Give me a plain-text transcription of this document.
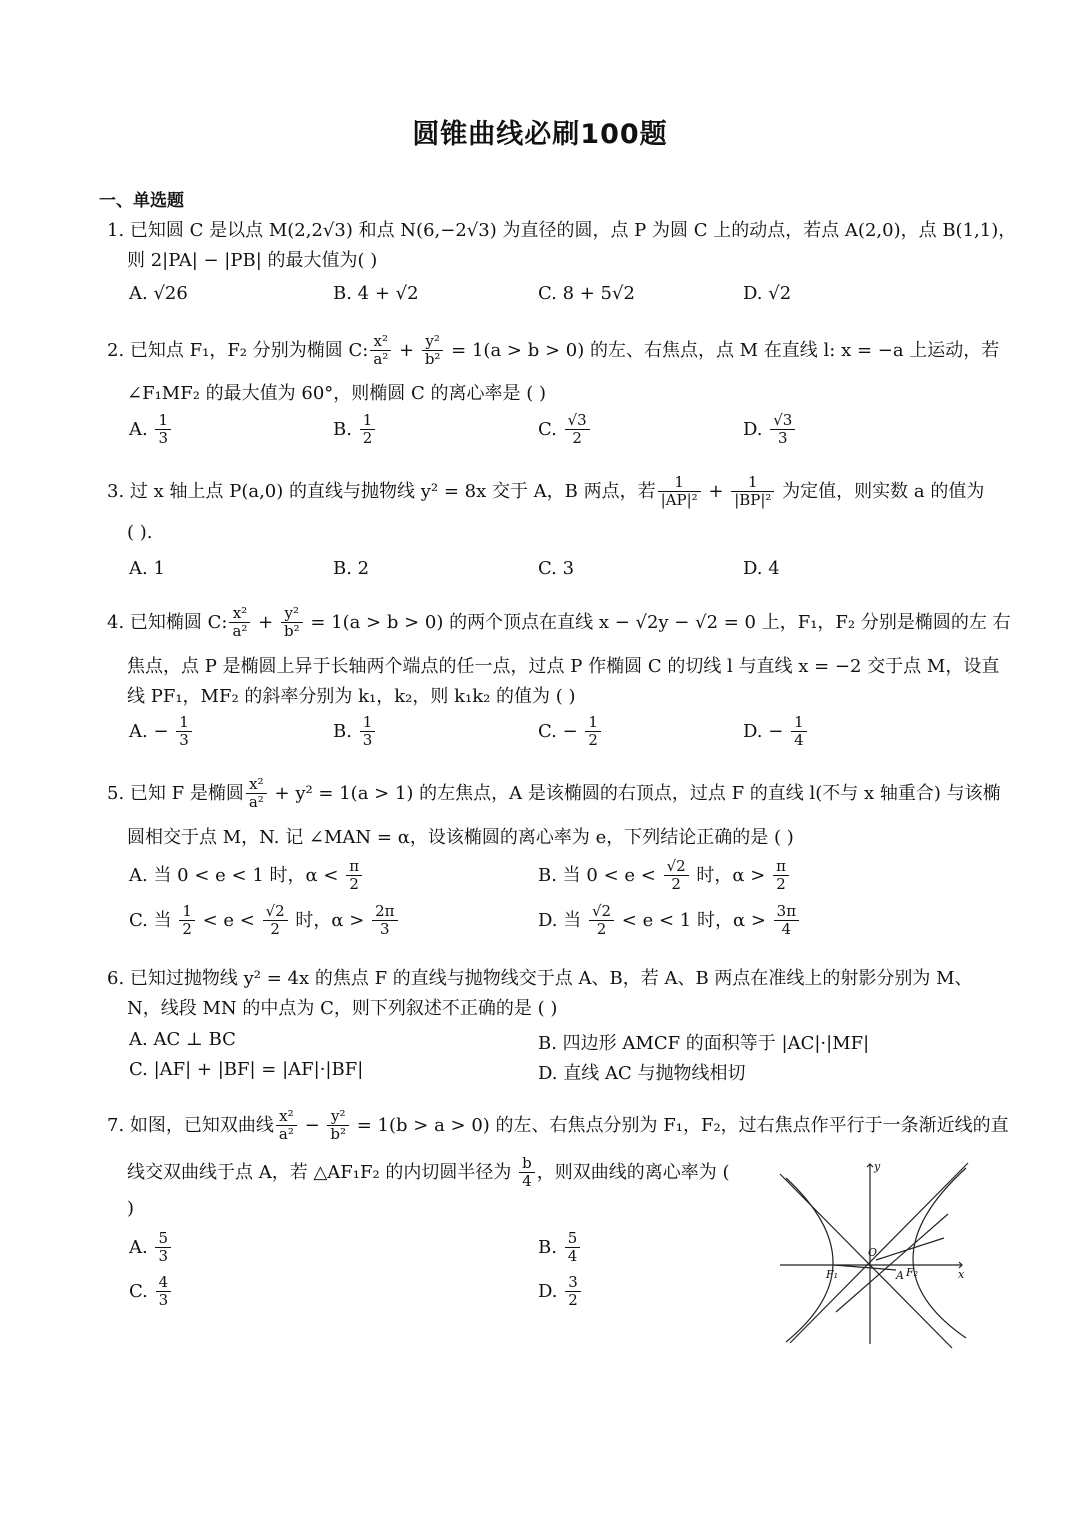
圆锥曲线必刷100题
一、单选题
1. 已知圆 C 是以点 M(2,2√3) 和点 N(6,−2√3) 为直径的圆，点 P 为圆 C 上的动点，若点 A(2,0)，点 B(1,1)，
则 2|PA| − |PB| 的最大值为( )
A. √26	B. 4 + √2	C. 8 + 5√2	D. √2
2. 已知点 F₁，F₂ 分别为椭圆 C: $\frac{\text{x²}}{\text{a²}} + \frac{\text{y²}}{\text{b²}} = 1(a > b > 0)$ 的左、右焦点，点 M 在直线 l: x = −a 上运动，若
∠F₁MF₂ 的最大值为 60°，则椭圆 C 的离心率是 ( )
A. $\frac{1}{3}$	B. $\frac{1}{2}$	C. $\frac{√3}{2}$	D. $\frac{√3}{3}$
3. 过 x 轴上点 P(a,0) 的直线与抛物线 y² = 8x 交于 A，B 两点，若 $\frac{1}{\text{|AP|²}} + \frac{1}{\text{|BP|²}}$ 为定值，则实数 a 的值为
( ).
A. 1	B. 2	C. 3	D. 4
4. 已知椭圆 C: $\frac{\text{x²}}{\text{a²}} + \frac{\text{y²}}{\text{b²}} = 1(a > b > 0)$ 的两个顶点在直线 x − √2y − √2 = 0 上，F₁，F₂ 分别是椭圆的左 右
焦点，点 P 是椭圆上异于长轴两个端点的任一点，过点 P 作椭圆 C 的切线 l 与直线 x = −2 交于点 M，设直
线 PF₁，MF₂ 的斜率分别为 k₁，k₂，则 k₁k₂ 的值为 ( )
A. − $\frac{1}{3}$	B. $\frac{1}{3}$	C. − $\frac{1}{2}$	D. − $\frac{1}{4}$
5. 已知 F 是椭圆 $\frac{\text{x²}}{\text{a²}} + y^2 = 1(a > 1)$ 的左焦点，A 是该椭圆的右顶点，过点 F 的直线 l(不与 x 轴重合) 与该椭
圆相交于点 M，N. 记 ∠MAN = α，设该椭圆的离心率为 e，下列结论正确的是 ( )
A. 当 0 < e < 1 时，$\alpha < \frac{\pi}{2}$	B. 当 $0 < e < \frac{√2}{2}$ 时，$\alpha > \frac{\pi}{2}$
C. 当 $\frac{1}{2} < e < \frac{√2}{2}$ 时，$\alpha > \frac{2\pi}{3}$	D. 当 $\frac{√2}{2} < e < 1$ 时，$\alpha > \frac{3\pi}{4}$
6. 已知过抛物线 y² = 4x 的焦点 F 的直线与抛物线交于点 A、B，若 A、B 两点在准线上的射影分别为 M、
N，线段 MN 的中点为 C，则下列叙述不正确的是 ( )
A. AC ⊥ BC	B. 四边形 AMCF 的面积等于 |AC|·|MF|
C. |AF| + |BF| = |AF|·|BF|	D. 直线 AC 与抛物线相切
7. 如图，已知双曲线 $\frac{\text{x²}}{\text{a²}} - \frac{\text{y²}}{\text{b²}} = 1(b > a > 0)$ 的左、右焦点分别为 F₁，F₂，过右焦点作平行于一条渐近线的直
线交双曲线于点 A，若 △AF₁F₂ 的内切圆半径为 $\frac{b}{4}$ ，则双曲线的离心率为 (
)
A. $\frac{5}{3}$	B. $\frac{5}{4}$
C. $\frac{4}{3}$	D. $\frac{3}{2}$
y
x
O
F₁	F₂
A
